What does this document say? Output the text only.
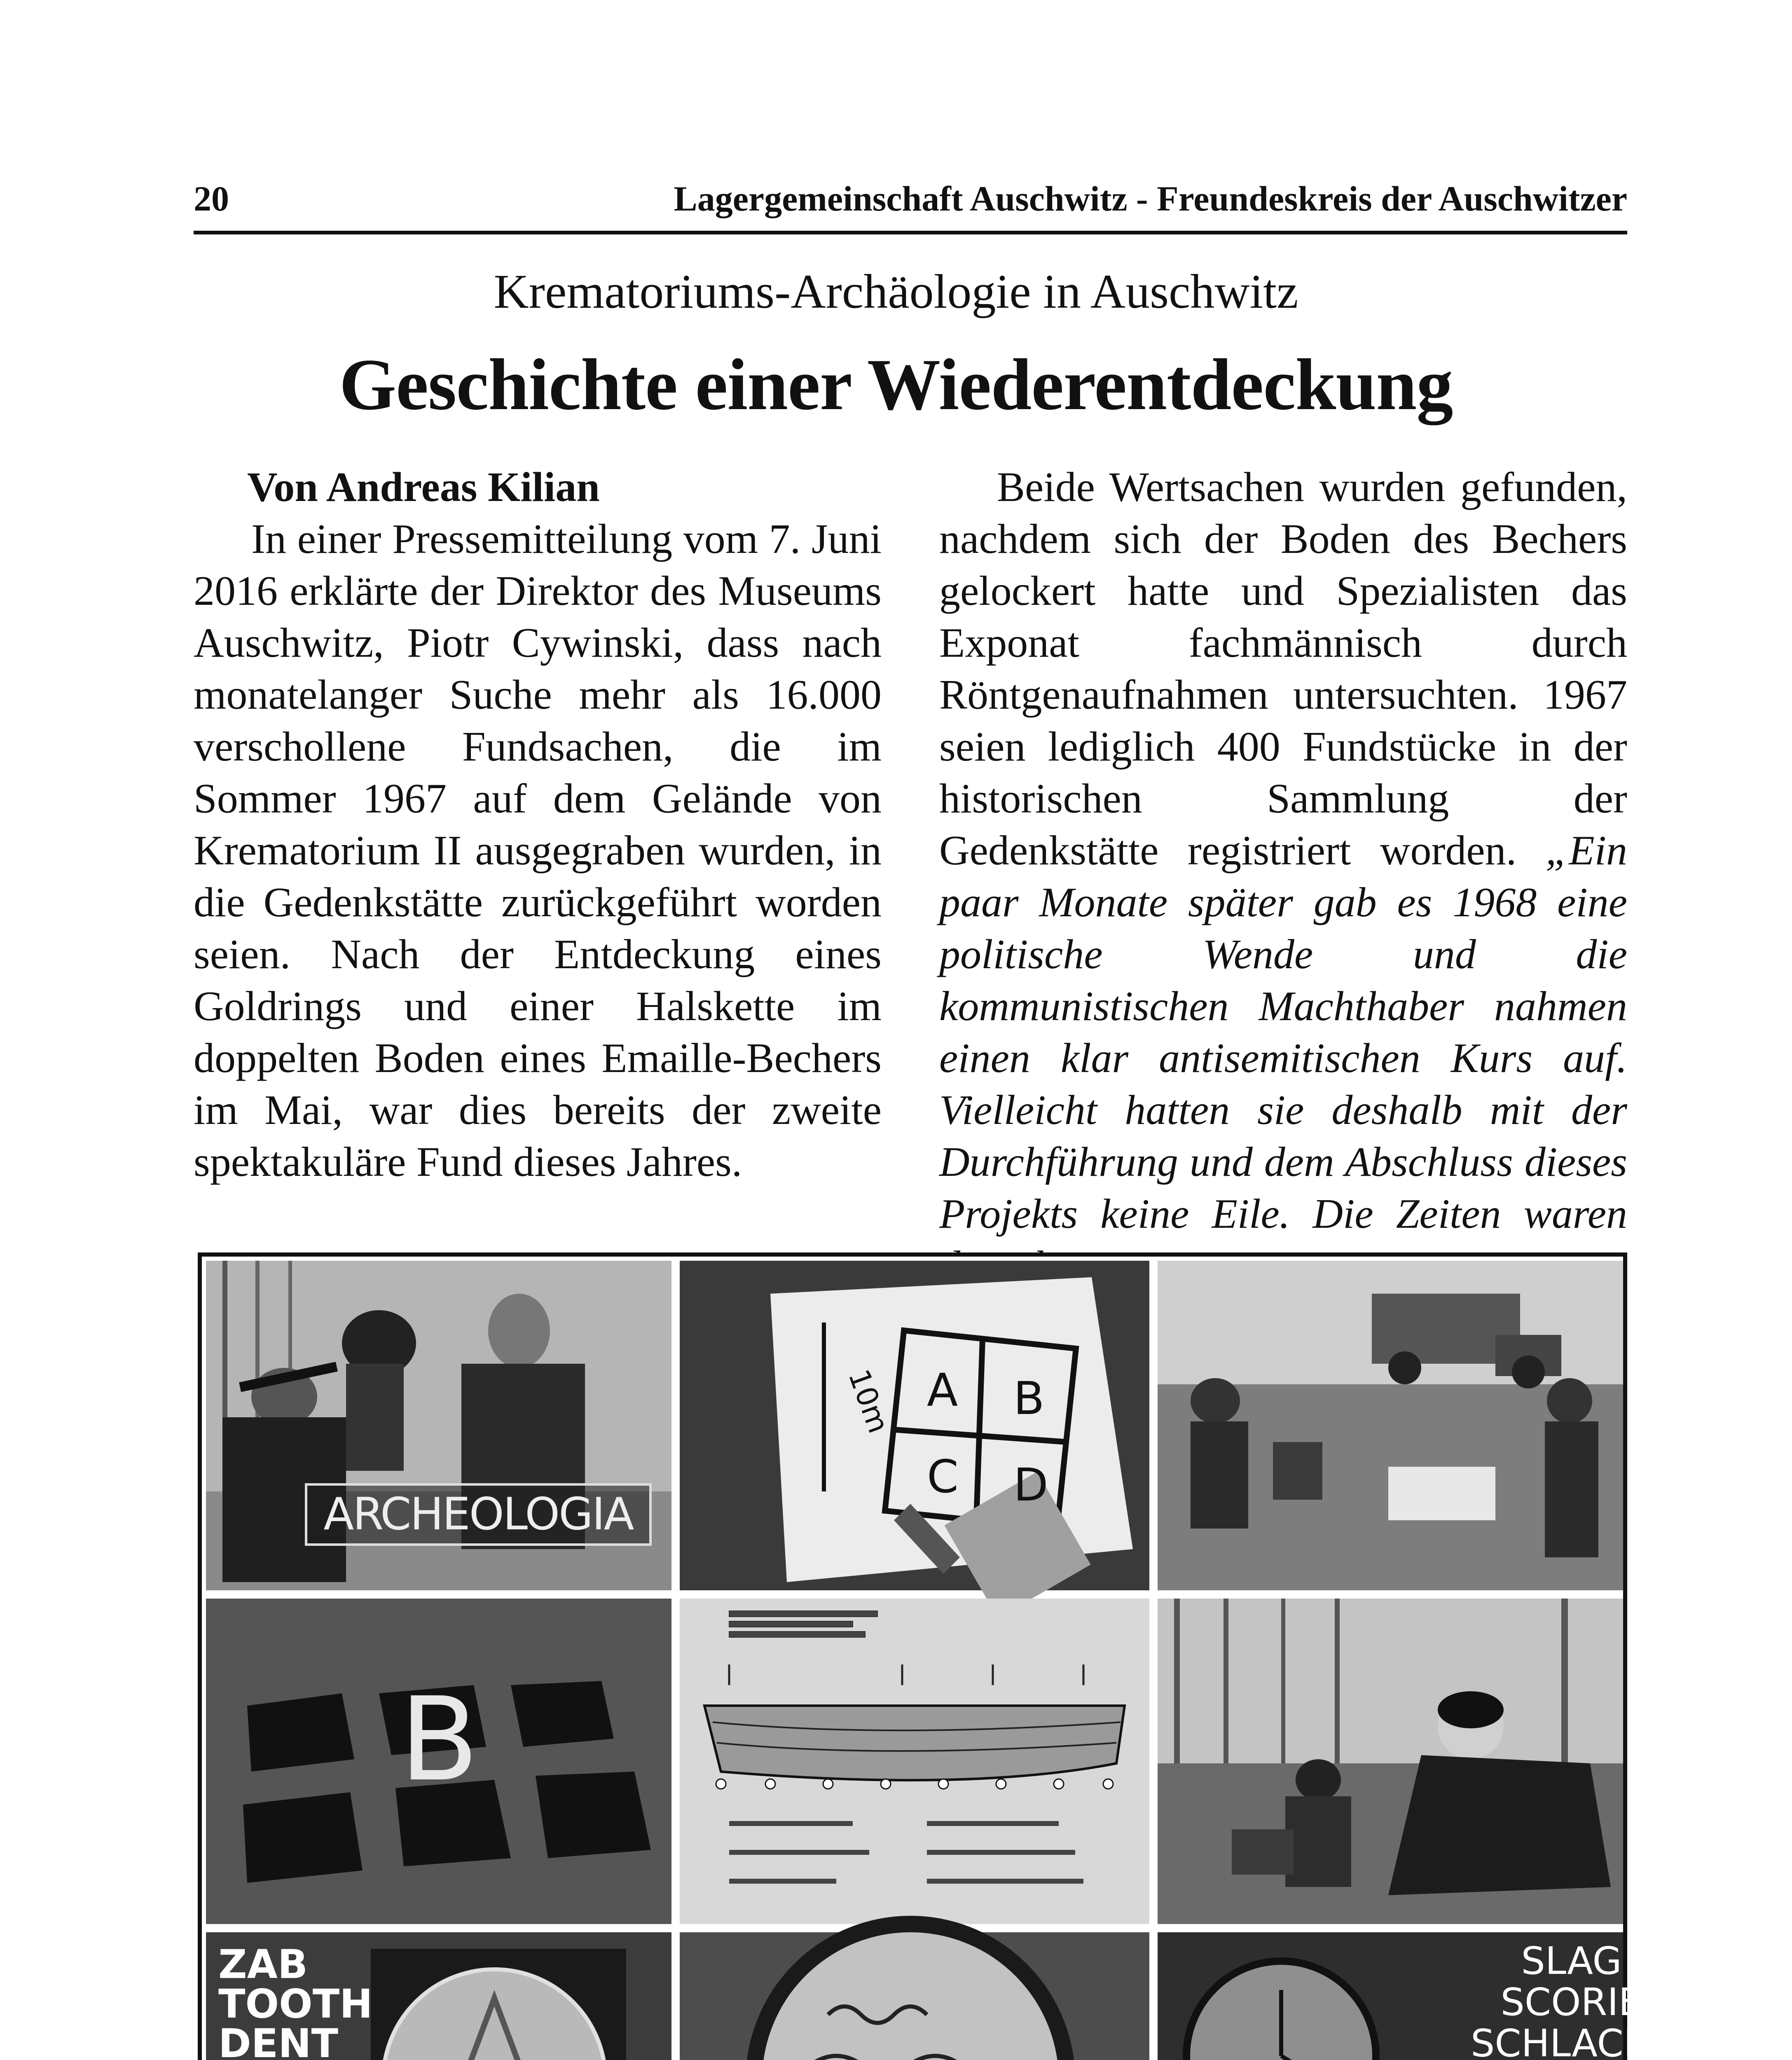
20	Lagergemeinschaft Auschwitz - Freundeskreis der Auschwitzer
Krematoriums-Archäologie in Auschwitz
Geschichte einer Wiederentdeckung
Von Andreas Kilian

In einer Pressemitteilung vom 7. Juni 2016 erklärte der Direktor des Museums Auschwitz, Piotr Cywinski, dass nach monatelanger Suche mehr als 16.000 verschollene Fundsachen, die im Sommer 1967 auf dem Gelände von Krematorium II ausgegraben wurden, in die Gedenkstätte zurückgeführt worden seien. Nach der Entdeckung eines Goldrings und einer Halskette im doppelten Boden eines Emaille-Bechers im Mai, war dies bereits der zweite spektakuläre Fund dieses Jahres.

Beide Wertsachen wurden gefunden, nachdem sich der Boden des Bechers gelockert hatte und Spezialisten das Exponat fachmännisch durch Röntgenaufnahmen untersuchten. 1967 seien lediglich 400 Fundstücke in der historischen Sammlung der Gedenkstätte registriert worden. „Ein paar Monate später gab es 1968 eine politische Wende und die kommunistischen Machthaber nahmen einen klar antisemitischen Kurs auf. Vielleicht hatten sie deshalb mit der Durchführung und dem Abschluss dieses Projekts keine Eile. Die Zeiten waren

ARCHEOLOGIA
A B
C D
10m
B
ZAB
TOOTH
DENT
SLAG
SCORIE
SCHLACKE
